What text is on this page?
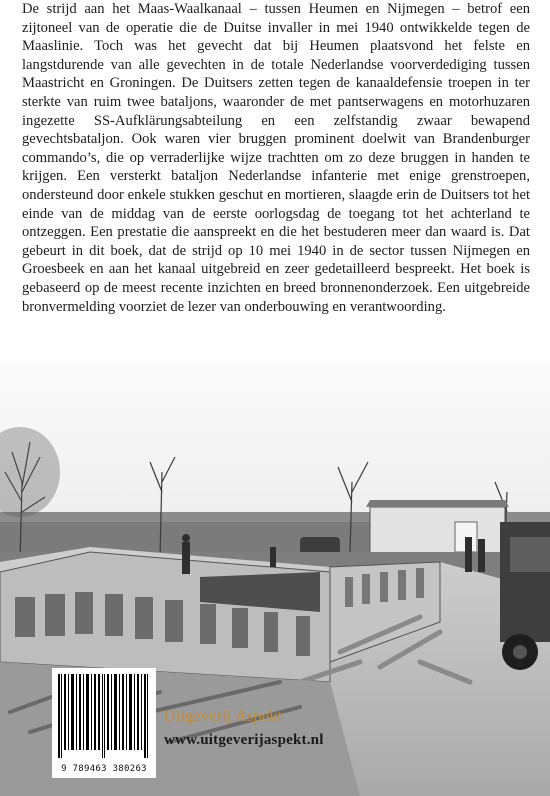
De strijd aan het Maas-Waalkanaal – tussen Heumen en Nijmegen – betrof een zijtoneel van de operatie die de Duitse invaller in mei 1940 ontwikkelde tegen de Maaslinie. Toch was het gevecht dat bij Heumen plaatsvond het felste en langstdurende van alle gevechten in de totale Nederlandse voorverdediging tussen Maastricht en Groningen. De Duitsers zetten tegen de kanaaldefensie troepen in ter sterkte van ruim twee bataljons, waaronder de met pantserwagens en motorhuzaren ingezette SS-Aufklärungsabteilung en een zelfstandig zwaar bewapend gevechtsbataljon. Ook waren vier bruggen prominent doelwit van Brandenburger commando’s, die op verraderlijke wijze trachtten om zo deze bruggen in handen te krijgen. Een versterkt bataljon Nederlandse infanterie met enige grenstroepen, ondersteund door enkele stukken geschut en mortieren, slaagde erin de Duitsers tot het einde van de middag van de eerste oorlogsdag de toegang tot het achterland te ontzeggen. Een prestatie die aanspreekt en die het bestuderen meer dan waard is. Dat gebeurt in dit boek, dat de strijd op 10 mei 1940 in de sector tussen Nijmegen en Groesbeek en aan het kanaal uitgebreid en zeer gedetailleerd bespreekt. Het boek is gebaseerd op de meest recente inzichten en breed bronnenonderzoek. Een uitgebreide bronvermelding voorziet de lezer van onderbouwing en verantwoording.

9 789463 380263
Uitgeverij Aspekt
www.uitgeverijaspekt.nl
